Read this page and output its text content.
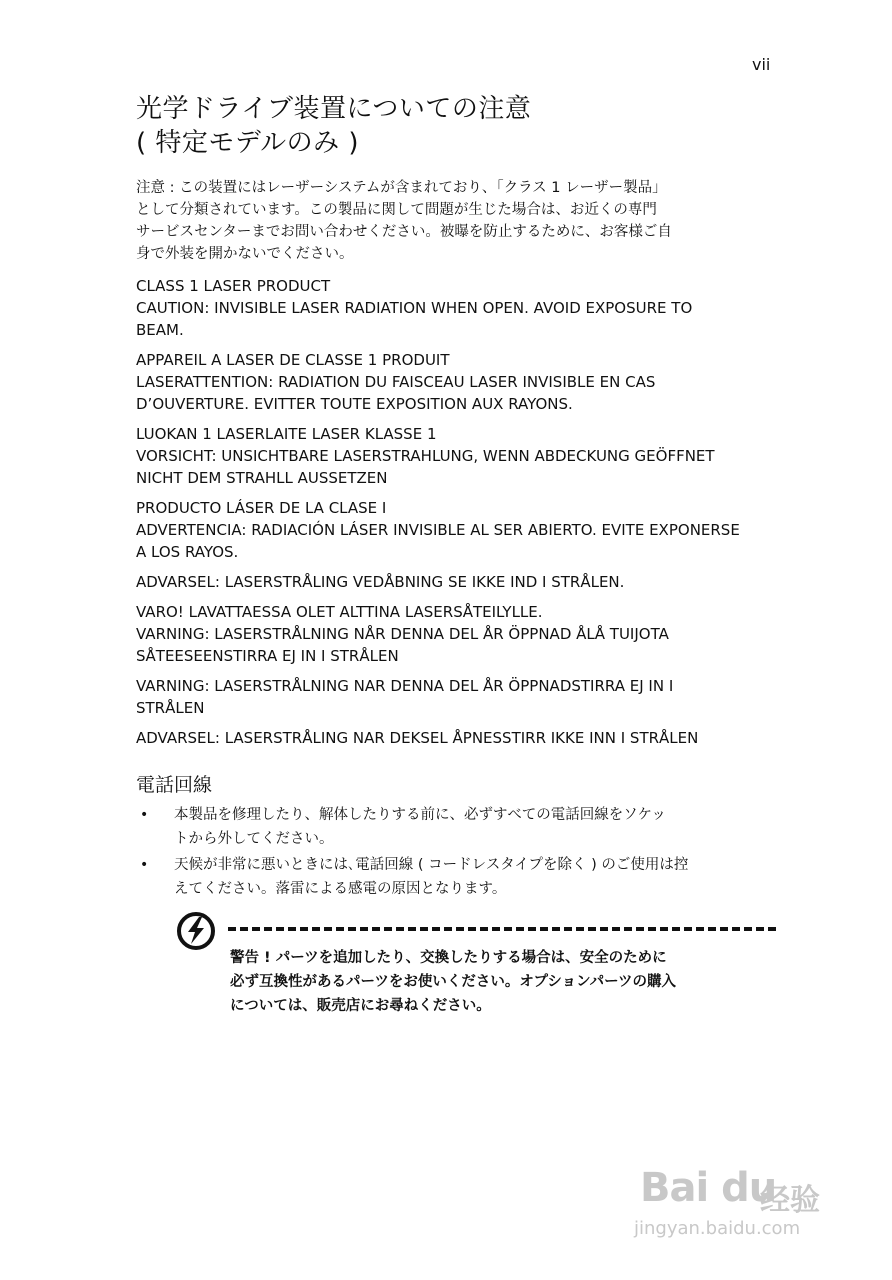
vii
光学ドライブ装置についての注意
( 特定モデルのみ )
注意 : この装置にはレーザーシステムが含まれており、「クラス 1 レーザー製品」
として分類されています。この製品に関して問題が生じた場合は、お近くの専門
サービスセンターまでお問い合わせください。被曝を防止するために、お客様ご自
身で外装を開かないでください。
CLASS 1 LASER PRODUCT
CAUTION: INVISIBLE LASER RADIATION WHEN OPEN. AVOID EXPOSURE TO
BEAM.
APPAREIL A LASER DE CLASSE 1 PRODUIT
LASERATTENTION: RADIATION DU FAISCEAU LASER INVISIBLE EN CAS
D’OUVERTURE. EVITTER TOUTE EXPOSITION AUX RAYONS.
LUOKAN 1 LASERLAITE LASER KLASSE 1
VORSICHT: UNSICHTBARE LASERSTRAHLUNG, WENN ABDECKUNG GEÖFFNET
NICHT DEM STRAHLL AUSSETZEN
PRODUCTO LÁSER DE LA CLASE I
ADVERTENCIA: RADIACIÓN LÁSER INVISIBLE AL SER ABIERTO. EVITE EXPONERSE
A LOS RAYOS.
ADVARSEL: LASERSTRÅLING VEDÅBNING SE IKKE IND I STRÅLEN.
VARO! LAVATTAESSA OLET ALTTINA LASERSÅTEILYLLE.
VARNING: LASERSTRÅLNING NÅR DENNA DEL ÅR ÖPPNAD ÅLÅ TUIJOTA
SÅTEESEENSTIRRA EJ IN I STRÅLEN
VARNING: LASERSTRÅLNING NAR DENNA DEL ÅR ÖPPNADSTIRRA EJ IN I
STRÅLEN
ADVARSEL: LASERSTRÅLING NAR DEKSEL ÅPNESSTIRR IKKE INN I STRÅLEN
電話回線
• 本製品を修理したり、解体したりする前に、必ずすべての電話回線をソケッ
トから外してください。
• 天候が非常に悪いときには､電話回線 ( コードレスタイプを除く ) のご使用は控
えてください。落雷による感電の原因となります。
警告 ! パーツを追加したり、交換したりする場合は、安全のために
必ず互換性があるパーツをお使いください。オプションパーツの購入
については、販売店にお尋ねください。
Bai du
经验
jingyan.baidu.com
